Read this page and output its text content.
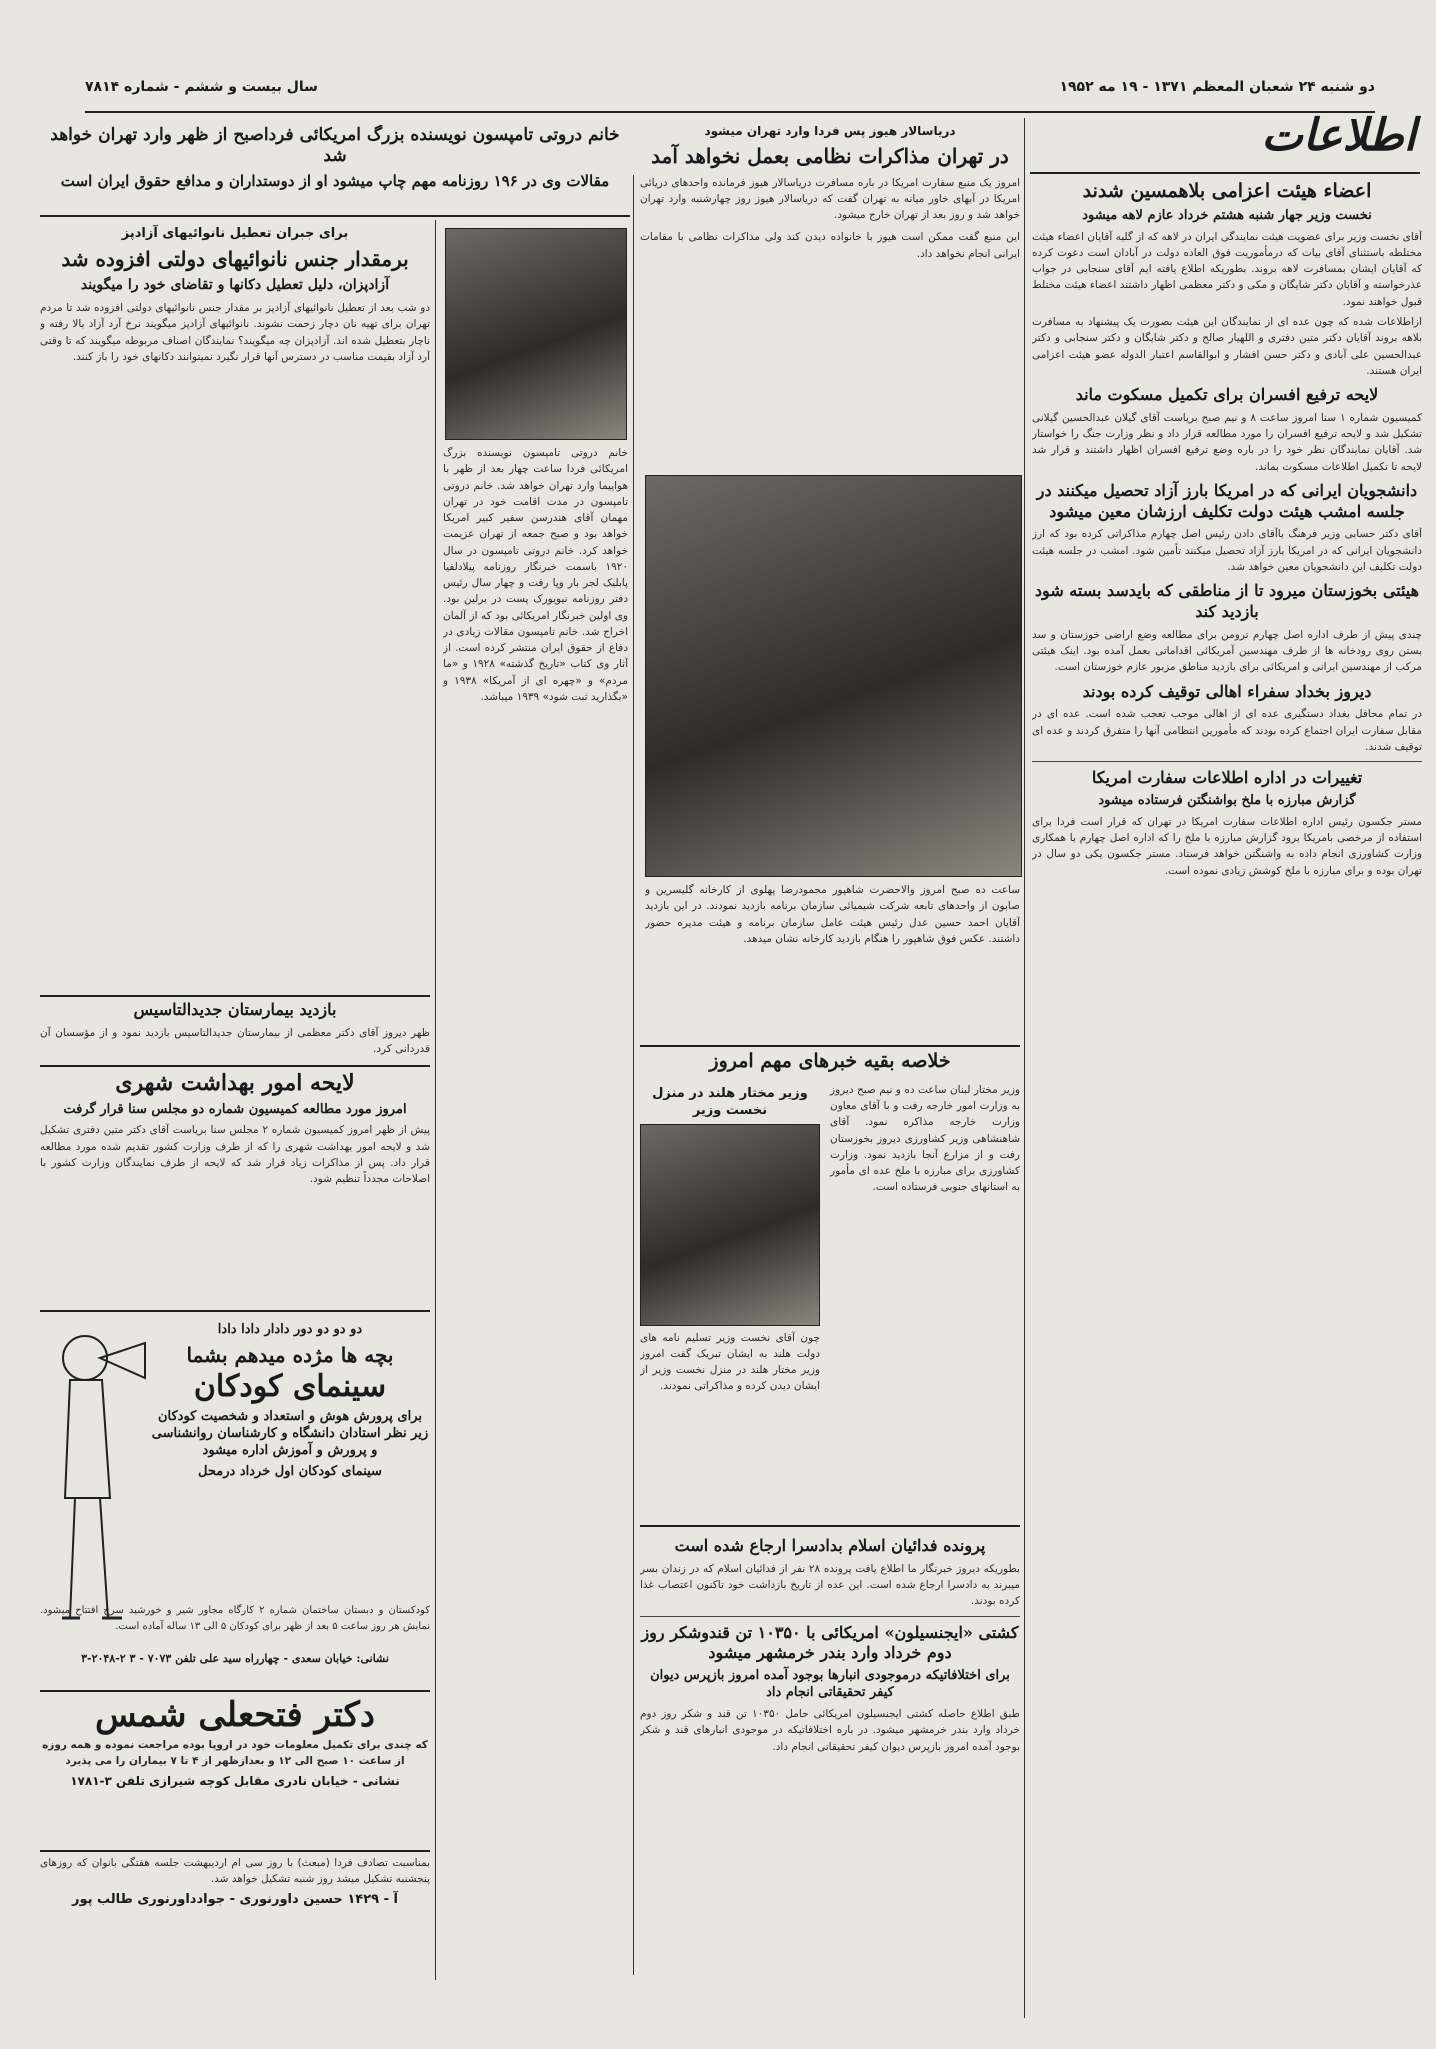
دو شنبه ۲۴ شعبان المعظم ۱۳۷۱ - ۱۹ مه ۱۹۵۲
سال بیست و ششم - شماره ۷۸۱۴
اطلاعات
اعضاء هیئت اعزامی بلاهمسین شدند
نخست وزیر جهار شنبه هشتم خرداد عازم لاهه میشود

آقای نخست وزیر برای عضویت هیئت نمایندگی ایران در لاهه که از گلیه آقایان اعضاء هیئت مختلطه باستثنای آقای بیات که درمأموریت فوق العاده دولت در آبادان است دعوت کرده که آقایان ایشان بمسافرت لاهه بروند. بطوریکه اطلاع یافته ایم آقای سنجابی در جواب عذرخواسته و آقایان دکتر شایگان و مکی و دکتر معظمی اظهار داشتند اعضاء هیئت مختلط قبول خواهند نمود.

ازاطلاعات شده که چون عده ای از نمایندگان این هیئت بصورت یک پیشنهاد به مسافرت بلاهه بروند آقایان دکتر متین دفتری و اللهیار صالح و دکتر شایگان و دکتر سنجابی و دکتر عبدالحسین علی آبادی و دکتر حسن افشار و ابوالقاسم اعتبار الدوله عضو هیئت اعزامی ایران هستند.

لایحه ترفیع افسران برای تکمیل مسکوت ماند

کمیسیون شماره ۱ سنا امروز ساعت ۸ و نیم صبح بریاست آقای گیلان عبدالحسین گیلانی تشکیل شد و لایحه ترفیع افسران را مورد مطالعه قرار داد و نظر وزارت جنگ را خواستار شد. آقایان نمایندگان نظر خود را در باره وضع ترفیع افسران اظهار داشتند و قرار شد لایحه تا تکمیل اطلاعات مسکوت بماند.

دانشجویان ایرانی که در امریکا بارز آزاد تحصیل میکنند در جلسه امشب هیئت دولت تکلیف ارزشان معین میشود

آقای دکتر حسابی وزیر فرهنگ باآقای دادن رئیس اصل چهارم مذاکراتی کرده بود که ارز دانشجویان ایرانی که در امریکا بارز آزاد تحصیل میکنند تأمین شود. امشب در جلسه هیئت دولت تکلیف این دانشجویان معین خواهد شد.

هیئتی بخوزستان میرود تا از مناطقی که بایدسد بسته شود بازدید کند

چندی پیش از طرف اداره اصل چهارم ترومن برای مطالعه وضع اراضی خوزستان و سد بستن روی رودخانه ها از طرف مهندسین آمریکائی اقداماتی بعمل آمده بود. اینک هیئتی مرکب از مهندسین ایرانی و امریکائی برای بازدید مناطق مزبور عازم خوزستان است.

دیروز بخداد سفراء اهالی توقیف کرده بودند

در تمام محافل بغداد دستگیری عده ای از اهالی موجب تعجب شده است. عده ای در مقابل سفارت ایران اجتماع کرده بودند که مأمورین انتظامی آنها را متفرق کردند و عده ای توقیف شدند.

تغییرات در اداره اطلاعات سفارت امریکا
گزارش مبارزه با ملخ بواشنگتن فرستاده میشود

مستر جکسون رئیس اداره اطلاعات سفارت امریکا در تهران که قرار است فردا برای استفاده از مرخصی بامریکا برود گزارش مبارزه با ملخ را که اداره اصل چهارم با همکاری وزارت کشاورزی انجام داده به واشنگتن خواهد فرستاد. مستر جکسون یکی دو سال در تهران بوده و برای مبارزه با ملخ کوشش زیادی نموده است.

دریاسالار هیوز پس فردا وارد تهران میشود
در تهران مذاکرات نظامی بعمل نخواهد آمد

امروز یک منبع سفارت امریکا در باره مسافرت دریاسالار هیوز فرمانده واحدهای دریائی امریکا در آبهای خاور میانه به تهران گفت که دریاسالار هیوز روز چهارشنبه وارد تهران خواهد شد و روز بعد از تهران خارج میشود.

این منبع گفت ممکن است هیوز با خانواده دیدن کند ولی مذاکرات نظامی با مقامات ایرانی انجام نخواهد داد.

ساعت ده صبح امروز والاحضرت شاهپور محمودرضا پهلوی از کارخانه گلیسرین و صابون از واحدهای تابعه شرکت شیمیائی سازمان برنامه بازدید نمودند. در این بازدید آقایان احمد حسین عدل رئیس هیئت عامل سازمان برنامه و هیئت مدیره حضور داشتند. عکس فوق شاهپور را هنگام بازدید کارخانه نشان میدهد.

خلاصه بقیه خبرهای مهم امروز

وزیر مختار لبنان ساعت ده و نیم صبح دیروز به وزارت امور خارجه رفت و با آقای معاون وزارت خارجه مذاکره نمود. آقای شاهنشاهی وزیر کشاورزی دیروز بخوزستان رفت و از مزارع آنجا بازدید نمود. وزارت کشاورزی برای مبارزه با ملخ عده ای مأمور به استانهای جنوبی فرستاده است.

وزیر مختار هلند در منزل نخست وزیر

چون آقای نخست وزیر تسلیم نامه های دولت هلند به ایشان تبریک گفت امروز وزیر مختار هلند در منزل نخست وزیر از ایشان دیدن کرده و مذاکراتی نمودند.

پرونده فدائیان اسلام بدادسرا ارجاع شده است

بطوریکه دیروز خبرنگار ما اطلاع یافت پرونده ۲۸ نفر از فدائیان اسلام که در زندان بسر میبرند به دادسرا ارجاع شده است. این عده از تاریخ بازداشت خود تاکنون اعتصاب غذا کرده بودند.

کشتی «ایجنسیلون» امریکائی با ۱۰۳۵۰ تن قندوشکر روز دوم خرداد وارد بندر خرمشهر میشود
برای اختلافاتیکه درموجودی انبارها بوجود آمده امروز بازپرس دیوان کیفر تحقیقاتی انجام داد

طبق اطلاع حاصله کشتی ایجنسیلون امریکائی حامل ۱۰۳۵۰ تن قند و شکر روز دوم خرداد وارد بندر خرمشهر میشود. در باره اختلافاتیکه در موجودی انبارهای قند و شکر بوجود آمده امروز بازپرس دیوان کیفر تحقیقاتی انجام داد.

خانم دروتی تامپسون نویسنده بزرگ امریکائی فرداصبح از ظهر وارد تهران خواهد شد
مقالات وی در ۱۹۶ روزنامه مهم چاپ میشود او از دوستداران و مدافع حقوق ایران است

خانم دروتی تامپسون نویسنده بزرگ امریکائی فردا ساعت چهار بعد از ظهر با هواپیما وارد تهران خواهد شد. خانم دروتی تامپسون در مدت اقامت خود در تهران مهمان آقای هندرسن سفیر کبیر امریکا خواهد بود و صبح جمعه از تهران عزیمت خواهد کرد. خانم دروتی تامپسون در سال ۱۹۲۰ باسمت خبرنگار روزنامه پیلادلفیا پابلیک لجر بار وپا رفت و چهار سال رئیس دفتر روزنامه نیویورک پست در برلین بود. وی اولین خبرنگار امریکائی بود که از آلمان اخراج شد. خانم تامپسون مقالات زیادی در دفاع از حقوق ایران منتشر کرده است. از آثار وی کتاب «تاریخ گذشته» ۱۹۲۸ و «ما مردم» و «چهره ای از آمریکا» ۱۹۳۸ و «بگذارید ثبت شود» ۱۹۳۹ میباشد.

برای جبران تعطیل نانوائیهای آزادپز
برمقدار جنس نانوائیهای دولتی افزوده شد
آزادپزان، دلیل تعطیل دکانها و تقاضای خود را میگویند

دو شب بعد از تعطیل نانوائیهای آزادپز بر مقدار جنس نانوائیهای دولتی افزوده شد تا مردم تهران برای تهیه نان دچار زحمت نشوند. نانوائیهای آزادپز میگویند نرخ آرد آزاد بالا رفته و ناچار بتعطیل شده اند. آزادپزان چه میگویند؟ نمایندگان اصناف مربوطه میگویند که تا وقتی آرد آزاد بقیمت مناسب در دسترس آنها قرار نگیرد نمیتوانند دکانهای خود را باز کنند.

بازدید بیمارستان جدیدالتاسیس

ظهر دیروز آقای دکتر معظمی از بیمارستان جدیدالتاسیس بازدید نمود و از مؤسسان آن قدردانی کرد.

لایحه امور بهداشت شهری
امروز مورد مطالعه کمیسیون شماره دو مجلس سنا قرار گرفت

پیش از ظهر امروز کمیسیون شماره ۲ مجلس سنا بریاست آقای دکتر متین دفتری تشکیل شد و لایحه امور بهداشت شهری را که از طرف وزارت کشور تقدیم شده مورد مطالعه قرار داد. پس از مذاکرات زیاد قرار شد که لایحه از طرف نمایندگان وزارت کشور با اصلاحات مجدداً تنظیم شود.

دو دو دو دور دادار دادا دادا
بچه ها مژده میدهم بشما
سینمای کودکان
برای پرورش هوش و استعداد و شخصیت کودکان زیر نظر استادان دانشگاه و کارشناسان روانشناسی و پرورش و آموزش اداره میشود
سینمای کودکان اول خرداد درمحل

کودکستان و دبستان ساختمان شماره ۲ کارگاه مجاور شیر و خورشید سرخ افتتاح میشود. نمایش هر روز ساعت ۵ بعد از ظهر برای کودکان ۵ الی ۱۳ ساله آماده است.

نشانی: خیابان سعدی - چهارراه سید علی تلفن ۷۰۷۳ - ۳ ۲-۲۰۴۸-۳
دکتر فتحعلی شمس

که چندی برای تکمیل معلومات خود در اروپا بوده مراجعت نموده و همه روزه از ساعت ۱۰ صبح الی ۱۲ و بعدازظهر از ۴ تا ۷ بیماران را می پذیرد

نشانی - خیابان نادری مقابل کوچه شیرازی تلفن ۳-۱۷۸۱

بمناسبت تصادف فردا (مبعث) با روز سی ام اردیبهشت جلسه هفتگی بانوان که روزهای پنجشنبه تشکیل میشد روز شنبه تشکیل خواهد شد.

آ - ۱۴۲۹ حسین داورنوری - جوادداورنوری طالب پور
